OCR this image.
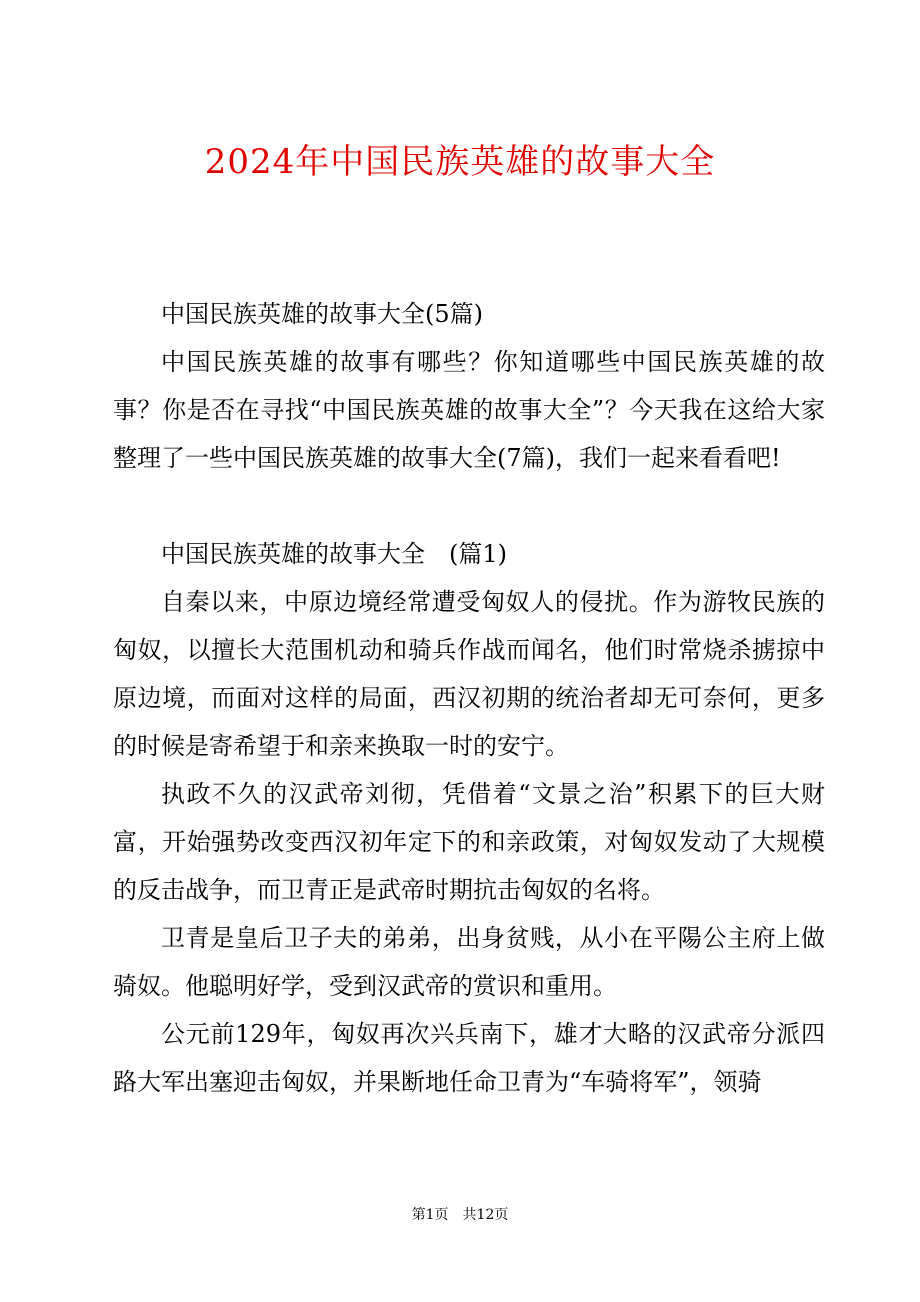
2024年中国民族英雄的故事大全

中国民族英雄的故事大全(5篇)

中国民族英雄的故事有哪些？你知道哪些中国民族英雄的故事？你是否在寻找“中国民族英雄的故事大全”？今天我在这给大家整理了一些中国民族英雄的故事大全(7篇)，我们一起来看看吧!

中国民族英雄的故事大全　(篇1)

自秦以来，中原边境经常遭受匈奴人的侵扰。作为游牧民族的匈奴，以擅长大范围机动和骑兵作战而闻名，他们时常烧杀掳掠中原边境，而面对这样的局面，西汉初期的统治者却无可奈何，更多的时候是寄希望于和亲来换取一时的安宁。

执政不久的汉武帝刘彻，凭借着“文景之治”积累下的巨大财富，开始强势改变西汉初年定下的和亲政策，对匈奴发动了大规模的反击战争，而卫青正是武帝时期抗击匈奴的名将。

卫青是皇后卫子夫的弟弟，出身贫贱，从小在平陽公主府上做骑奴。他聪明好学，受到汉武帝的赏识和重用。

公元前129年，匈奴再次兴兵南下，雄才大略的汉武帝分派四路大军出塞迎击匈奴，并果断地任命卫青为“车骑将军”，领骑

第1页　共12页
